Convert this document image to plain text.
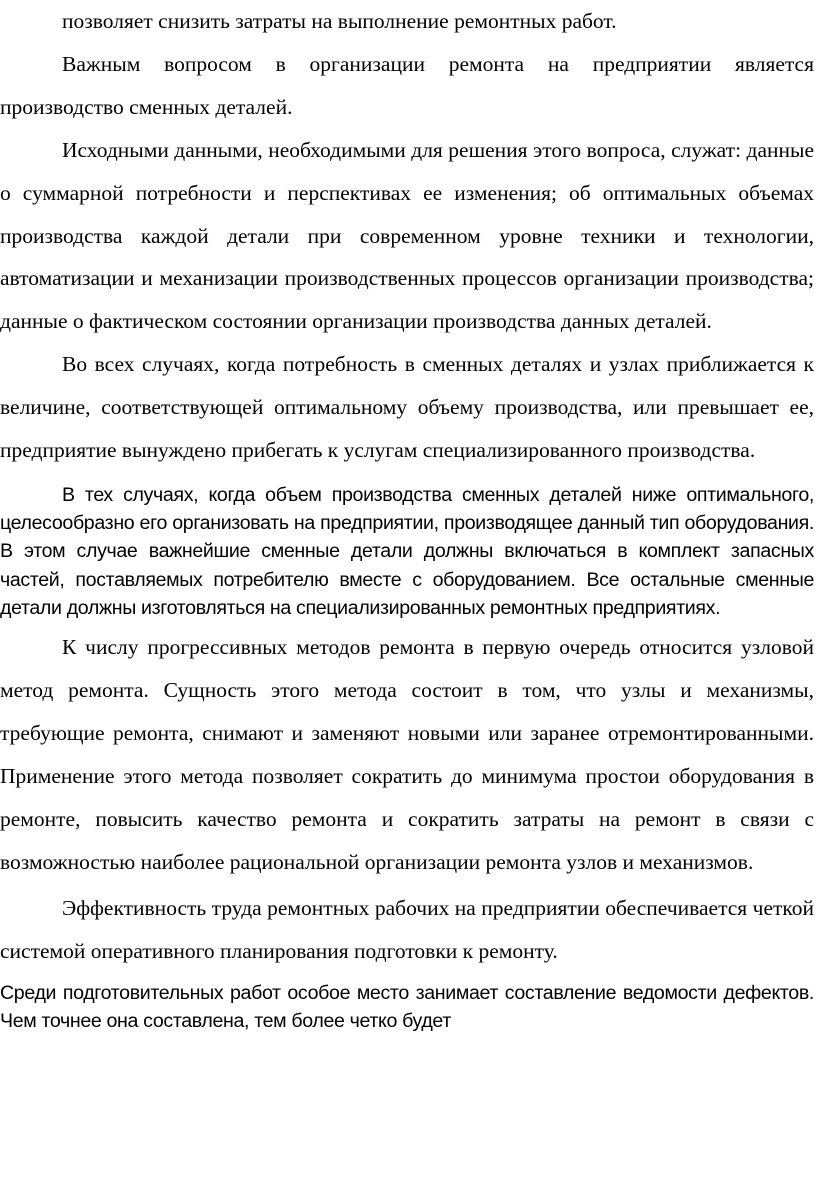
позволяет снизить затраты на выполнение ремонтных работ.

Важным вопросом в организации ремонта на предприятии является производство сменных деталей.

Исходными данными, необходимыми для решения этого вопроса, служат: данные о суммарной потребности и перспективах ее изменения; об оптимальных объемах производства каждой детали при современном уровне техники и технологии, автоматизации и механизации производственных процессов организации производства; данные о фактическом состоянии организации производства данных деталей.

Во всех случаях, когда потребность в сменных деталях и узлах приближается к величине, соответствующей оптимальному объему производства, или превышает ее, предприятие вынуждено прибегать к услугам специализированного производства.

В тех случаях, когда объем производства сменных деталей ниже оптимального, целесообразно его организовать на предприятии, производящее данный тип оборудования. В этом случае важнейшие сменные детали должны включаться в комплект запасных частей, поставляемых потребителю вместе с оборудованием. Все остальные сменные детали должны изготовляться на специализированных ремонтных предприятиях.

К числу прогрессивных методов ремонта в первую очередь относится узловой метод ремонта. Сущность этого метода состоит в том, что узлы и механизмы, требующие ремонта, снимают и заменяют новыми или заранее отремонтированными. Применение этого метода позволяет сократить до минимума простои оборудования в ремонте, повысить качество ремонта и сократить затраты на ремонт в связи с возможностью наиболее рациональной организации ремонта узлов и механизмов.

Эффективность труда ремонтных рабочих на предприятии обеспечивается четкой системой оперативного планирования подготовки к ремонту.

Среди подготовительных работ особое место занимает составление ведомости дефектов. Чем точнее она составлена, тем более четко будет
